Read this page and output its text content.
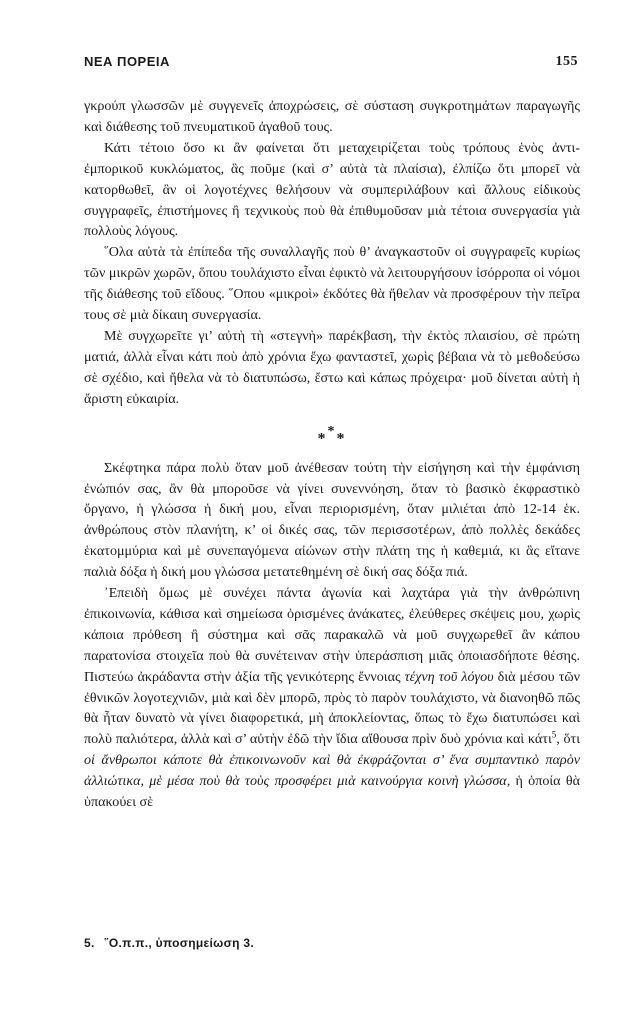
ΝΕΑ ΠΟΡΕΙΑ	155

γκρούπ γλωσσῶν μὲ συγγενεῖς ἀποχρώσεις, σὲ σύσταση συγκροτημάτων παραγωγῆς καὶ διάθεσης τοῦ πνευματικοῦ ἀγαθοῦ τους.

Κάτι τέτοιο ὅσο κι ἂν φαίνεται ὅτι μεταχειρίζεται τοὺς τρόπους ἑνὸς ἀντι-ἐμπορικοῦ κυκλώματος, ἃς ποῦμε (καὶ σ’ αὐτὰ τὰ πλαίσια), ἐλπίζω ὅτι μπορεῖ νὰ κατορθωθεῖ, ἂν οἱ λογοτέχνες θελήσουν νὰ συμπεριλάβουν καὶ ἄλλους εἰδικοὺς συγγραφεῖς, ἐπιστήμονες ἢ τεχνικοὺς ποὺ θὰ ἐπιθυμοῦσαν μιὰ τέτοια συνεργασία γιὰ πολλοὺς λόγους.

῞Ολα αὐτὰ τὰ ἐπίπεδα τῆς συναλλαγῆς ποὺ θ’ ἀναγκαστοῦν οἱ συγγραφεῖς κυρίως τῶν μικρῶν χωρῶν, ὅπου τουλάχιστο εἶναι ἐφικτὸ νὰ λειτουργήσουν ἰσόρροπα οἱ νόμοι τῆς διάθεσης τοῦ εἴδους. ῞Οπου «μικροὶ» ἐκδότες θὰ ἤθελαν νὰ προσφέρουν τὴν πεῖρα τους σὲ μιὰ δίκαιη συνεργασία.

Μὲ συγχωρεῖτε γι’ αὐτὴ τὴ «στεγνὴ» παρέκβαση, τὴν ἐκτὸς πλαισίου, σὲ πρώτη ματιά, ἀλλὰ εἶναι κάτι ποὺ ἀπὸ χρόνια ἔχω φανταστεῖ, χωρὶς βέβαια νὰ τὸ μεθοδεύσω σὲ σχέδιο, καὶ ἤθελα νὰ τὸ διατυπώσω, ἔστω καὶ κάπως πρόχειρα· μοῦ δίνεται αὐτὴ ἡ ἄριστη εὐκαιρία.

***

Σκέφτηκα πάρα πολὺ ὅταν μοῦ ἀνέθεσαν τούτη τὴν εἰσήγηση καὶ τὴν ἐμφάνιση ἐνώπιόν σας, ἂν θὰ μποροῦσε νὰ γίνει συνεννόηση, ὅταν τὸ βασικὸ ἐκφραστικὸ ὄργανο, ἡ γλώσσα ἡ δική μου, εἶναι περιορισμένη, ὅταν μιλιέται ἀπὸ 12-14 ἑκ. ἀνθρώπους στὸν πλανήτη, κ’ οἱ δικές σας, τῶν περισσοτέρων, ἀπὸ πολλὲς δεκάδες ἑκατομμύρια καὶ μὲ συνεπαγόμενα αἰώνων στὴν πλάτη της ἡ καθεμιά, κι ἃς εἴτανε παλιὰ δόξα ἡ δική μου γλώσσα μετατεθημένη σὲ δική σας δόξα πιά.

᾿Επειδὴ ὅμως μὲ συνέχει πάντα ἀγωνία καὶ λαχτάρα γιὰ τὴν ἀνθρώπινη ἐπικοινωνία, κάθισα καὶ σημείωσα ὁρισμένες ἀνάκατες, ἐλεύθερες σκέψεις μου, χωρὶς κάποια πρόθεση ἢ σύστημα καὶ σᾶς παρακαλῶ νὰ μοῦ συγχωρεθεῖ ἂν κάπου παρατονίσα στοιχεῖα ποὺ θὰ συνέτειναν στὴν ὑπεράσπιση μιᾶς ὁποιασδήποτε θέσης. Πιστεύω ἀκράδαντα στὴν ἀξία τῆς γενικότερης ἔννοιας τέχνη τοῦ λόγου διὰ μέσου τῶν ἐθνικῶν λογοτεχνιῶν, μιὰ καὶ δὲν μπορῶ, πρὸς τὸ παρὸν τουλάχιστο, νὰ διανοηθῶ πῶς θὰ ἦταν δυνατὸ νὰ γίνει διαφορετικά, μὴ ἀποκλείοντας, ὅπως τὸ ἔχω διατυπώσει καὶ πολὺ παλιότερα, ἀλλὰ καὶ σ’ αὐτὴν ἐδῶ τὴν ἴδια αἴθουσα πρὶν δυὸ χρόνια καὶ κάτι$^5$, ὅτι οἱ ἄνθρωποι κάποτε θὰ ἐπικοινωνοῦν καὶ θὰ ἐκφράζονται σ’ ἕνα συμπαντικὸ παρὸν ἀλλιώτικα, μὲ μέσα ποὺ θὰ τοὺς προσφέρει μιὰ καινούργια κοινὴ γλώσσα, ἡ ὁποία θὰ ὑπακούει σὲ

5. ῞Ο.π.π., ὑποσημείωση 3.
